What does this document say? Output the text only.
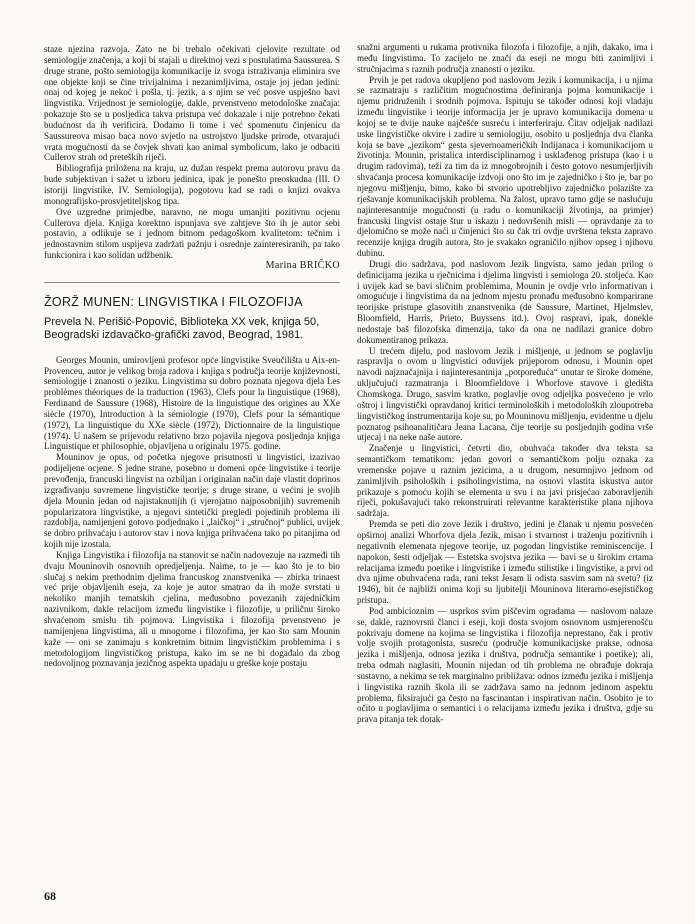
staze njezina razvoja. Zato ne bi trebalo očekivati cjelovite rezultate od semiologije značenja, a koji bi stajali u direktnoj vezi s postulatima Saussurea. S druge strane, pošto semiologija komunikacije iz svoga istraživanja eliminira sve one objekte koji se čine trivijalnima i nezanimljivima, ostaje joj jedan jedini: onaj od kojeg je nekoć i pošla, tj. jezik, a s njim se već posve uspješno bavi lingvistika. Vrijednost je semiologije, dakle, prvenstveno metodološke značaja: pokazuje što se u posljedica takva pristupa već dokazale i nije potrebno čekati budućnost da ih verificira. Dodamo li tome i već spomenutu činjenicu da Saussureova misao baca novo svjetlo na ustrojstvo ljudske prirode, otvarajući vrata mogućnosti da se čovjek shvati kao animal symbolicum, lako je odbaciti Cullerov strah od preteških riječi.

Bibliografija priložena na kraju, uz dužan respekt prema autorovu pravu da bude subjektivan i sažet u izboru jedinica, ipak je ponešto preoskudna (III. O istoriji lingvistike, IV. Semiologija), pogotovu kad se radi o knjizi ovakva monografijsko-prosvjetiteljskog tipa.

Ove uzgredne primjedbe, naravno, ne mogu umanjiti pozitivnu ocjenu Cullerova djela. Knjiga korektno ispunjava sve zahtjeve što ih je autor sebi postavio, a odlikuje se i jednom bitnom pedagoškom kvalitetom: tečnim i jednostavnim stilom uspijeva zadržati pažnju i osrednje zainteresiranih, pa tako funkcionira i kao solidan udžbenik.

Marina BRIČKO

ŽORŽ MUNEN: LINGVISTIKA I FILOZOFIJA
Prevela N. Perišić-Popović, Biblioteka XX vek, knjiga 50, Beogradski izdavačko-grafički zavod, Beograd, 1981.

Georges Mounin, umirovljeni profesor opće lingvistike Sveučilišta u Aix-en-Provenceu, autor je velikog broja radova i knjiga s područja teorije književnosti, semiologije i znanosti o jeziku. Lingvistima su dobro poznata njegova djela Les problèmes théoriques de la traduction (1963), Clefs pour la linguistique (1968), Ferdinand de Saussure (1968), Histoire de la linguistique des origines au XXe siècle (1970), Introduction à la sémiologie (1970), Clefs pour la sémantique (1972), La linguistique du XXe siècle (1972), Dictionnaire de la linguistique (1974). U našem se prijevodu relativno brzo pojavila njegova posljednja knjiga Linguistique et philosophie, objavljena u originalu 1975. godine.

Mouninov je opus, od početka njegove prisutnosti u lingvistici, izazivao podijeljene ocjene. S jedne strane, posebno u domeni opće lingvistike i teorije prevođenja, francuski lingvist na ozbiljan i originalan način daje vlastit doprinos izgrađivanju suvremene lingvističke teorije; s druge strane, u većini je svojih djela Mounin jedan od najistaknutijih (i vjerojatno najposobnijih) suvremenih popularizatora lingvistike, a njegovi sintetički pregledi pojedinih problema ili razdoblja, namijenjeni gotovo podjednako i „laičkoj“ i „stručnoj“ publici, uvijek se dobro prihvaćaju i autorov stav i nova knjiga prihvaćena tako po pitanjima od kojih nije izostala.

Knjiga Lingvistika i filozofija na stanovit se način nadovezuje na razmeđi tih dvaju Mouninovih osnovnih opredjeljenja. Naime, to je — kao što je to bio slučaj s nekim prethodnim djelima francuskog znanstvenika — zbirka trinaest već prije objavljenih eseja, za koje je autor smatrao da ih može svrstati u nekoliko manjih tematskih cjelina, međusobno povezanih zajedničkim nazivnikom, dakle relacijom između lingvistike i filozofije, u priličnu široko shvaćenom smislu tih pojmova. Lingvistika i filozofija prvenstveno je namijenjena lingvistima, ali u mnogome i filozofima, jer kao što sam Mounin kaže — oni se zanimaju s konkretnim bitnim lingvističkim problemima i s metodologijom lingvističkog pristupa, kako im se ne bi događalo da zbog nedovoljnog poznavanja jezičnog aspekta upadaju u greške koje postaju

snažni argumenti u rukama protivnika filozofa i filozofije, a njih, dakako, ima i među lingvistima. To zacijelo ne znači da eseji ne mogu biti zanimljivi i stručnjacima s raznih područja znanosti o jeziku.

Prvih je pet radova okupljeno pod naslovom Jezik i komunikacija, i u njima se razmatraju s različitim mogućnostima definiranja pojma komunikacije i njemu pridruženih i srodnih pojmova. Ispituju se također odnosi koji vladaju između lingvistike i teorije informacija jer je upravo komunikacija domena u kojoj se te dvije nauke najčešće susreću i interferiraju. Čitav odjeljak nadilazi uske lingvističke okvire i zadire u semiologiju, osobito u posljednja dva članka koja se bave „jezikom“ gesta sjevernoameričkih Indijanaca i komunikacijom u životinja. Mounin, pristalica interdisciplinarnog i usklađenog pristupa (kao i u drugim radovima), teži za tim da iz mnogobrojnih i često gotovo nesumjerljivih shvaćanja procesa komunikacije izdvoji ono što im je zajedničko i što je, bar po njegovu mišljenju, bitno, kako bi stvorio upotrebljivo zajedničko polazište za rješavanje komunikacijskih problema. Na žalost, upravo tamo gdje se naslućuju najinteresantnije mogućnosti (u radu o komunikaciji životinja, na primjer) francuski lingvist ostaje štur u iskazu i nedovršenih misli — opravdanje za to djelomično se može naći u činjenici što su čak tri ovdje uvrštena teksta zapravo recenzije knjiga drugih autora, što je svakako ograničilo njihov opseg i njihovu dubinu.

Drugi dio sadržava, pod naslovom Jezik lingvista, samo jedan prilog o definicijama jezika u rječnicima i djelima lingvisti i semiologa 20. stoljeća. Kao i uvijek kad se bavi sličnim problemima, Mounin je ovdje vrlo informativan i omogućuje i lingvistima da na jednom mjestu pronađu međusobno komparirane teorijske pristupe glasovitih znanstvenika (de Saussure, Martinet, Hjelmslev, Bloomfield, Harris, Prieto, Buyssens itd.). Ovoj raspravi, ipak, donekle nedostaje baš filozofska dimenzija, tako da ona ne nadilazi granice dobro dokumentiranog prikaza.

U trećem dijelu, pod naslovom Jezik i mišljenje, u jednom se poglavlju raspravlja o ovom u lingvistici oduvijek prijeporom odnosu, i Mounin opet navodi najznačajnija i najinteresantnija „potpoređuća“ unutar te široke domene, uključujući razmatranja i Bloomfieldove i Whorfove stavove i gledišta Chomskoga. Drugo, sasvim kratko, poglavlje ovog odjeljka posvećeno je vrlo oštroj i lingvistički opravdanoj kritici terminoloških i metodoloških zloupotreba lingvističkog instrumentarija koje su, po Mouninovu mišljenju, evidentne u djelu poznatog psihoanalitičara Jeana Lacana, čije teorije su posljednjih godina vrše utjecaj i na neke naše autore.

Značenje u lingvistici, četvrti dio, obuhvaća također dva teksta sa semantičkom tematikom: jedan govori o semantičkom polju oznaka za vremenske pojave u raznim jezicima, a u drugom, nesumnjivo jednom od zanimljivih psiholoških i psiholingvistima, na osnovi vlastita iskustva autor prikazuje s pomoću kojih se elementa u svu i na javi prisjećao zaboravljenih riječi, pokušavajući tako rekonstruirati relevantne karakteristike plana njihova sadržaja.

Premda se peti dio zove Jezik i društvo, jedini je članak u njemu posvećen opširnoj analizi Whorfova djela Jezik, misao i stvarnost i traženju pozitivnih i negativnih elemenata njegove teorije, uz pogodan lingvistike reminiscencije. I napokon, šesti odjeljak — Estetska svojstva jezika — bavi se u širokim crtama relacijama između poetike i lingvistike i između stilistike i lingvistike, a prvi od dva njime obuhvaćena rada, rani tekst Jesam li odista sasvim sam na svetu? (iz 1946), bit će najbliži onima koji su ljubitelji Mouninova literarno-esejističkog pristupa.

Pod ambicioznim — usprkos svim piščevim ogradama — naslovom nalaze se, dakle, raznovrsni članci i eseji, koji dosta svojom osnovnom usmjerenošću pokrivaju domene na kojima se lingvistika i filozofija neprestano, čak i protiv volje svojih protagonista, susreću (područje komunikacijske prakse, odnosa jezika i mišljenja, odnosa jezika i društva, područja semantike i poetike); ali, treba odmah naglasiti, Mounin nijedan od tih problema ne obrađuje dokraja sustavno, a nekima se tek marginalno približava: odnos između jezika i mišljenja i lingvistika raznih škola ili se zadržava samo na jednom jedinom aspektu problema, fiksirajući ga često na fascinantan i inspirativan način. Osobito je to očito u poglavljima o semantici i o relacijama između jezika i društva, gdje su prava pitanja tek dotak-

68
